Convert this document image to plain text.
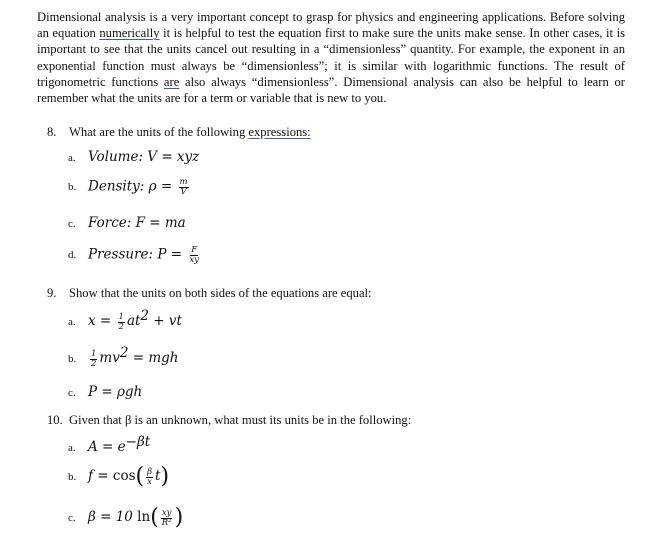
Dimensional analysis is a very important concept to grasp for physics and engineering applications. Before solving an equation numerically it is helpful to test the equation first to make sure the units make sense. In other cases, it is important to see that the units cancel out resulting in a “dimensionless” quantity. For example, the exponent in an exponential function must always be “dimensionless”; it is similar with logarithmic functions. The result of trigonometric functions are also always “dimensionless”. Dimensional analysis can also be helpful to learn or remember what the units are for a term or variable that is new to you.

8. What are the units of the following expressions:
a. Volume: V = xyz
b. Density: $\rho = \frac{m}{V}$
c. Force: F = ma
d. Pressure: $P = \frac{F}{xy}$
9. Show that the units on both sides of the equations are equal:
a. $x = \frac{1}{2} at^2$ + vt
b. $\frac{1}{2} mv^2$ = mgh
c. P = ρgh
10. Given that β is an unknown, what must its units be in the following:
a. $A = e^{-\beta t}$
b. $f = \cos( \frac{\beta}{x} t)$
c. β = 10 $\ln( \frac{xy}{\text{R²}}$ )
